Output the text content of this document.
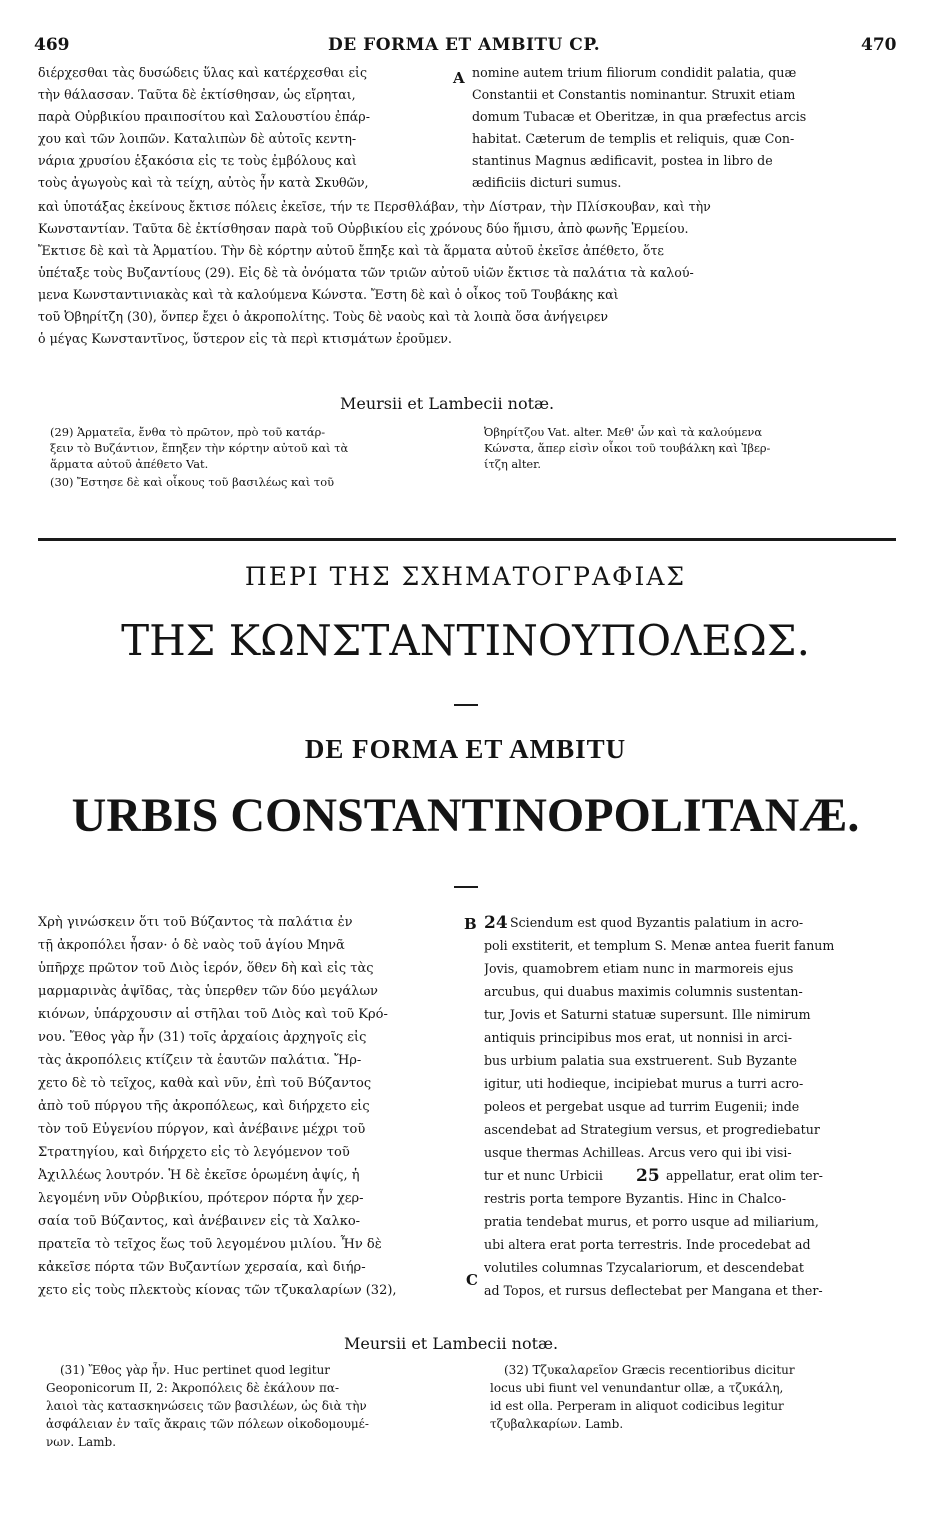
469	DE FORMA ET AMBITU CP.	470
διέρχεσθαι τὰς δυσώδεις ὕλας καὶ κατέρχεσθαι εἰς
τὴν θάλασσαν. Ταῦτα δὲ ἐκτίσθησαν, ὡς εἴρηται,
παρὰ Οὐρβικίου πραιποσίτου καὶ Σαλουστίου ἐπάρ-
χου καὶ τῶν λοιπῶν. Καταλιπὼν δὲ αὐτοῖς κεντη-
νάρια χρυσίου ἑξακόσια εἰς τε τοὺς ἐμβόλους καὶ
τοὺς ἀγωγοὺς καὶ τὰ τείχη, αὐτὸς ἦν κατὰ Σκυθῶν,
A nomine autem trium filiorum condidit palatia, quæ
Constantii et Constantis nominantur. Struxit etiam
domum Tubacæ et Oberitzæ, in qua præfectus arcis
habitat. Cæterum de templis et reliquis, quæ Con-
stantinus Magnus ædificavit, postea in libro de
ædificiis dicturi sumus.
καὶ ὑποτάξας ἐκείνους ἔκτισε πόλεις ἐκεῖσε, τήν τε Περσθλάβαν, τὴν Δίστραν, τὴν Πλίσκουβαν, καὶ τὴν
Κωνσταντίαν. Ταῦτα δὲ ἐκτίσθησαν παρὰ τοῦ Οὐρβικίου εἰς χρόνους δύο ἥμισυ, ἀπὸ φωνῆς Ἑρμείου.
Ἔκτισε δὲ καὶ τὰ Ἁρματίου. Τὴν δὲ κόρτην αὐτοῦ ἔπηξε καὶ τὰ ἅρματα αὐτοῦ ἐκεῖσε ἀπέθετο, ὅτε
ὑπέταξε τοὺς Βυζαντίους (29). Εἰς δὲ τὰ ὀνόματα τῶν τριῶν αὐτοῦ υἱῶν ἔκτισε τὰ παλάτια τὰ καλού-
μενα Κωνσταντινιακὰς καὶ τὰ καλούμενα Κώνστα. Ἔστη δὲ καὶ ὁ οἶκος τοῦ Τουβάκης καὶ
τοῦ Ὀβηρίτζη (30), ὅνπερ ἔχει ὁ ἀκροπολίτης. Τοὺς δὲ ναοὺς καὶ τὰ λοιπὰ ὅσα ἀνήγειρεν
ὁ μέγας Κωνσταντῖνος, ὕστερον εἰς τὰ περὶ κτισμάτων ἐροῦμεν.
Meursii et Lambecii notæ.
(29) Ἁρματεῖα, ἔνθα τὸ πρῶτον, πρὸ τοῦ κατάρ-
ξειν τὸ Βυζάντιον, ἔπηξεν τὴν κόρτην αὐτοῦ καὶ τὰ
ἅρματα αὐτοῦ ἀπέθετο Vat.
(30) Ἔστησε δὲ καὶ οἶκους τοῦ βασιλέως καὶ τοῦ
Ὀβηρίτζου Vat. alter. Μεθ' ὧν καὶ τὰ καλούμενα
Κώνστα, ἅπερ εἰσὶν οἶκοι τοῦ τουβάλκη καὶ Ἰβερ-
ίτζη alter.
ΠΕΡΙ ΤΗΣ ΣΧΗΜΑΤΟΓΡΑΦΙΑΣ
ΤΗΣ ΚΩΝΣΤΑΝΤΙΝΟΥΠΟΛΕΩΣ.
DE FORMA ET AMBITU
URBIS CONSTANTINOPOLITANÆ.
Χρὴ γινώσκειν ὅτι τοῦ Βύζαντος τὰ παλάτια ἐν
τῇ ἀκροπόλει ἦσαν· ὁ δὲ ναὸς τοῦ ἁγίου Μηνᾶ
ὑπῆρχε πρῶτον τοῦ Διὸς ἱερόν, ὅθεν δὴ καὶ εἰς τὰς
μαρμαρινὰς ἀψῖδας, τὰς ὑπερθεν τῶν δύο μεγάλων
κιόνων, ὑπάρχουσιν αἱ στῆλαι τοῦ Διὸς καὶ τοῦ Κρό-
νου. Ἔθος γὰρ ἦν (31) τοῖς ἀρχαίοις ἀρχηγοῖς εἰς
τὰς ἀκροπόλεις κτίζειν τὰ ἑαυτῶν παλάτια. Ἤρ-
χετο δὲ τὸ τεῖχος, καθὰ καὶ νῦν, ἐπὶ τοῦ Βύζαντος
ἀπὸ τοῦ πύργου τῆς ἀκροπόλεως, καὶ διήρχετο εἰς
τὸν τοῦ Εὐγενίου πύργον, καὶ ἀνέβαινε μέχρι τοῦ
Στρατηγίου, καὶ διήρχετο εἰς τὸ λεγόμενον τοῦ
Ἀχιλλέως λουτρόν. Ἡ δὲ ἐκεῖσε ὁρωμένη ἀψίς, ἡ
λεγομένη νῦν Οὐρβικίου, πρότερον πόρτα ἦν χερ-
σαία τοῦ Βύζαντος, καὶ ἀνέβαινεν εἰς τὰ Χαλκο-
πρατεῖα τὸ τεῖχος ἕως τοῦ λεγομένου μιλίου. Ἦν δὲ
κἀκεῖσε πόρτα τῶν Βυζαντίων χερσαία, καὶ διήρ-
χετο εἰς τοὺς πλεκτοὺς κίονας τῶν τζυκαλαρίων (32),
B
C
24 Sciendum est quod Byzantis palatium in acro-
poli exstiterit, et templum S. Menæ antea fuerit fanum
Jovis, quamobrem etiam nunc in marmoreis ejus
arcubus, qui duabus maximis columnis sustentan-
tur, Jovis et Saturni statuæ supersunt. Ille nimirum
antiquis principibus mos erat, ut nonnisi in arci-
bus urbium palatia sua exstruerent. Sub Byzante
igitur, uti hodieque, incipiebat murus a turri acro-
poleos et pergebat usque ad turrim Eugenii; inde
ascendebat ad Strategium versus, et progrediebatur
usque thermas Achilleas. Arcus vero qui ibi visi-
tur et nunc Urbicii	25 appellatur, erat olim ter-
restris porta tempore Byzantis. Hinc in Chalco-
pratia tendebat murus, et porro usque ad miliarium,
ubi altera erat porta terrestris. Inde procedebat ad
volutiles columnas Tzycalariorum, et descendebat
ad Topos, et rursus deflectebat per Mangana et ther-
Meursii et Lambecii notæ.
(31) Ἔθος γὰρ ἦν. Huc pertinet quod legitur
Geoponicorum II, 2: Ἀκροπόλεις δὲ ἐκάλουν πα-
λαιοὶ τὰς κατασκηνώσεις τῶν βασιλέων, ὡς διὰ τὴν
ἀσφάλειαν ἐν ταῖς ἄκραις τῶν πόλεων οἰκοδομουμέ-
νων. Lamb.
(32) Τζυκαλαρεῖον Græcis recentioribus dicitur
locus ubi fiunt vel venundantur ollæ, a τζυκάλη,
id est olla. Perperam in aliquot codicibus legitur
τζυβαλκαρίων. Lamb.
